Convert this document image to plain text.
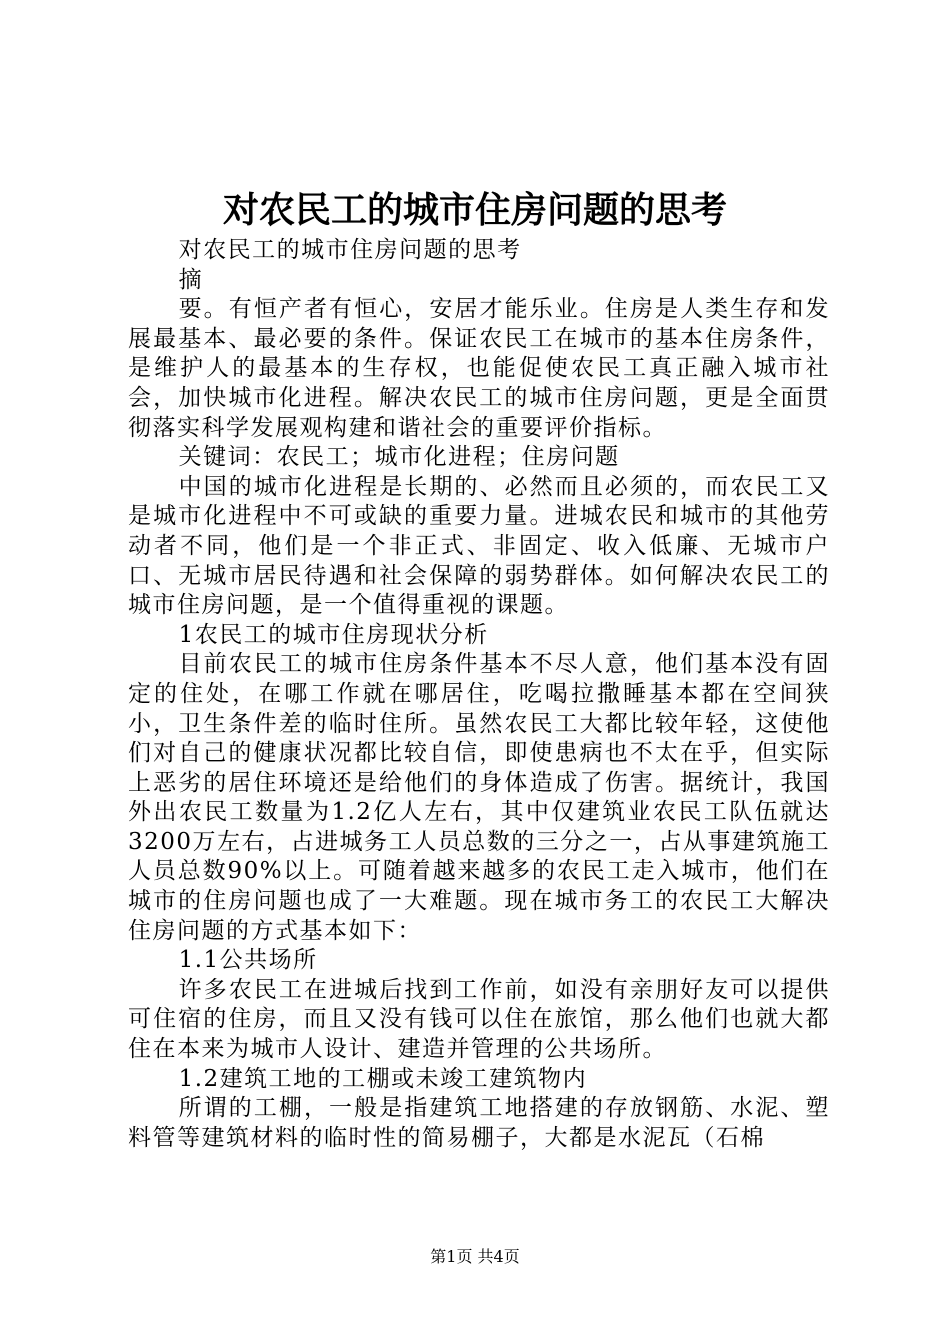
对农民工的城市住房问题的思考

对农民工的城市住房问题的思考

摘

要。有恒产者有恒心，安居才能乐业。住房是人类生存和发展最基本、最必要的条件。保证农民工在城市的基本住房条件，是维护人的最基本的生存权，也能促使农民工真正融入城市社会，加快城市化进程。解决农民工的城市住房问题，更是全面贯彻落实科学发展观构建和谐社会的重要评价指标。

关键词：农民工；城市化进程；住房问题

中国的城市化进程是长期的、必然而且必须的，而农民工又是城市化进程中不可或缺的重要力量。进城农民和城市的其他劳动者不同，他们是一个非正式、非固定、收入低廉、无城市户口、无城市居民待遇和社会保障的弱势群体。如何解决农民工的城市住房问题，是一个值得重视的课题。

1农民工的城市住房现状分析

目前农民工的城市住房条件基本不尽人意，他们基本没有固定的住处，在哪工作就在哪居住，吃喝拉撒睡基本都在空间狭小，卫生条件差的临时住所。虽然农民工大都比较年轻，这使他们对自己的健康状况都比较自信，即使患病也不太在乎，但实际上恶劣的居住环境还是给他们的身体造成了伤害。据统计，我国外出农民工数量为1.2亿人左右，其中仅建筑业农民工队伍就达3200万左右，占进城务工人员总数的三分之一，占从事建筑施工人员总数90%以上。可随着越来越多的农民工走入城市，他们在城市的住房问题也成了一大难题。现在城市务工的农民工大解决住房问题的方式基本如下：

1.1公共场所

许多农民工在进城后找到工作前，如没有亲朋好友可以提供可住宿的住房，而且又没有钱可以住在旅馆，那么他们也就大都住在本来为城市人设计、建造并管理的公共场所。

1.2建筑工地的工棚或未竣工建筑物内

所谓的工棚，一般是指建筑工地搭建的存放钢筋、水泥、塑料管等建筑材料的临时性的简易棚子，大都是水泥瓦（石棉

第1页 共4页
